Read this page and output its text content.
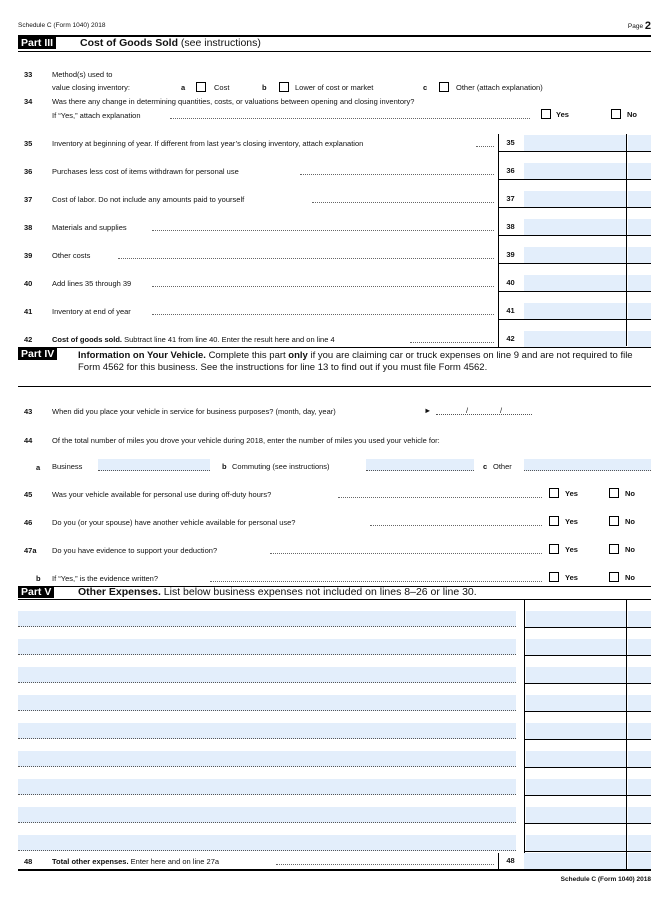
Schedule C (Form 1040) 2018	Page 2
Part III	Cost of Goods Sold (see instructions)
33	Method(s) used to
value closing inventory:	a	Cost	b	Lower of cost or market	c	Other (attach explanation)
34	Was there any change in determining quantities, costs, or valuations between opening and closing inventory?
If “Yes,” attach explanation	Yes	No
35	Inventory at beginning of year. If different from last year’s closing inventory, attach explanation	35
36	Purchases less cost of items withdrawn for personal use	36
37	Cost of labor. Do not include any amounts paid to yourself	37
38	Materials and supplies	38
39	Other costs	39
40	Add lines 35 through 39	40
41	Inventory at end of year	41
42	Cost of goods sold. Subtract line 41 from line 40. Enter the result here and on line 4	42
Part IV	Information on Your Vehicle. Complete this part only if you are claiming car or truck expenses on line 9 and are not required to file Form 4562 for this business. See the instructions for line 13 to find out if you must file Form 4562.
43	When did you place your vehicle in service for business purposes? (month, day, year)	►	/	/
44	Of the total number of miles you drove your vehicle during 2018, enter the number of miles you used your vehicle for:
a Business	b Commuting (see instructions)	c Other
45	Was your vehicle available for personal use during off-duty hours?	Yes	No
46	Do you (or your spouse) have another vehicle available for personal use?	Yes	No
47a Do you have evidence to support your deduction?	Yes	No
b If “Yes,” is the evidence written?	Yes	No
Part V	Other Expenses. List below business expenses not included on lines 8–26 or line 30.
48	Total other expenses. Enter here and on line 27a	48
Schedule C (Form 1040) 2018
